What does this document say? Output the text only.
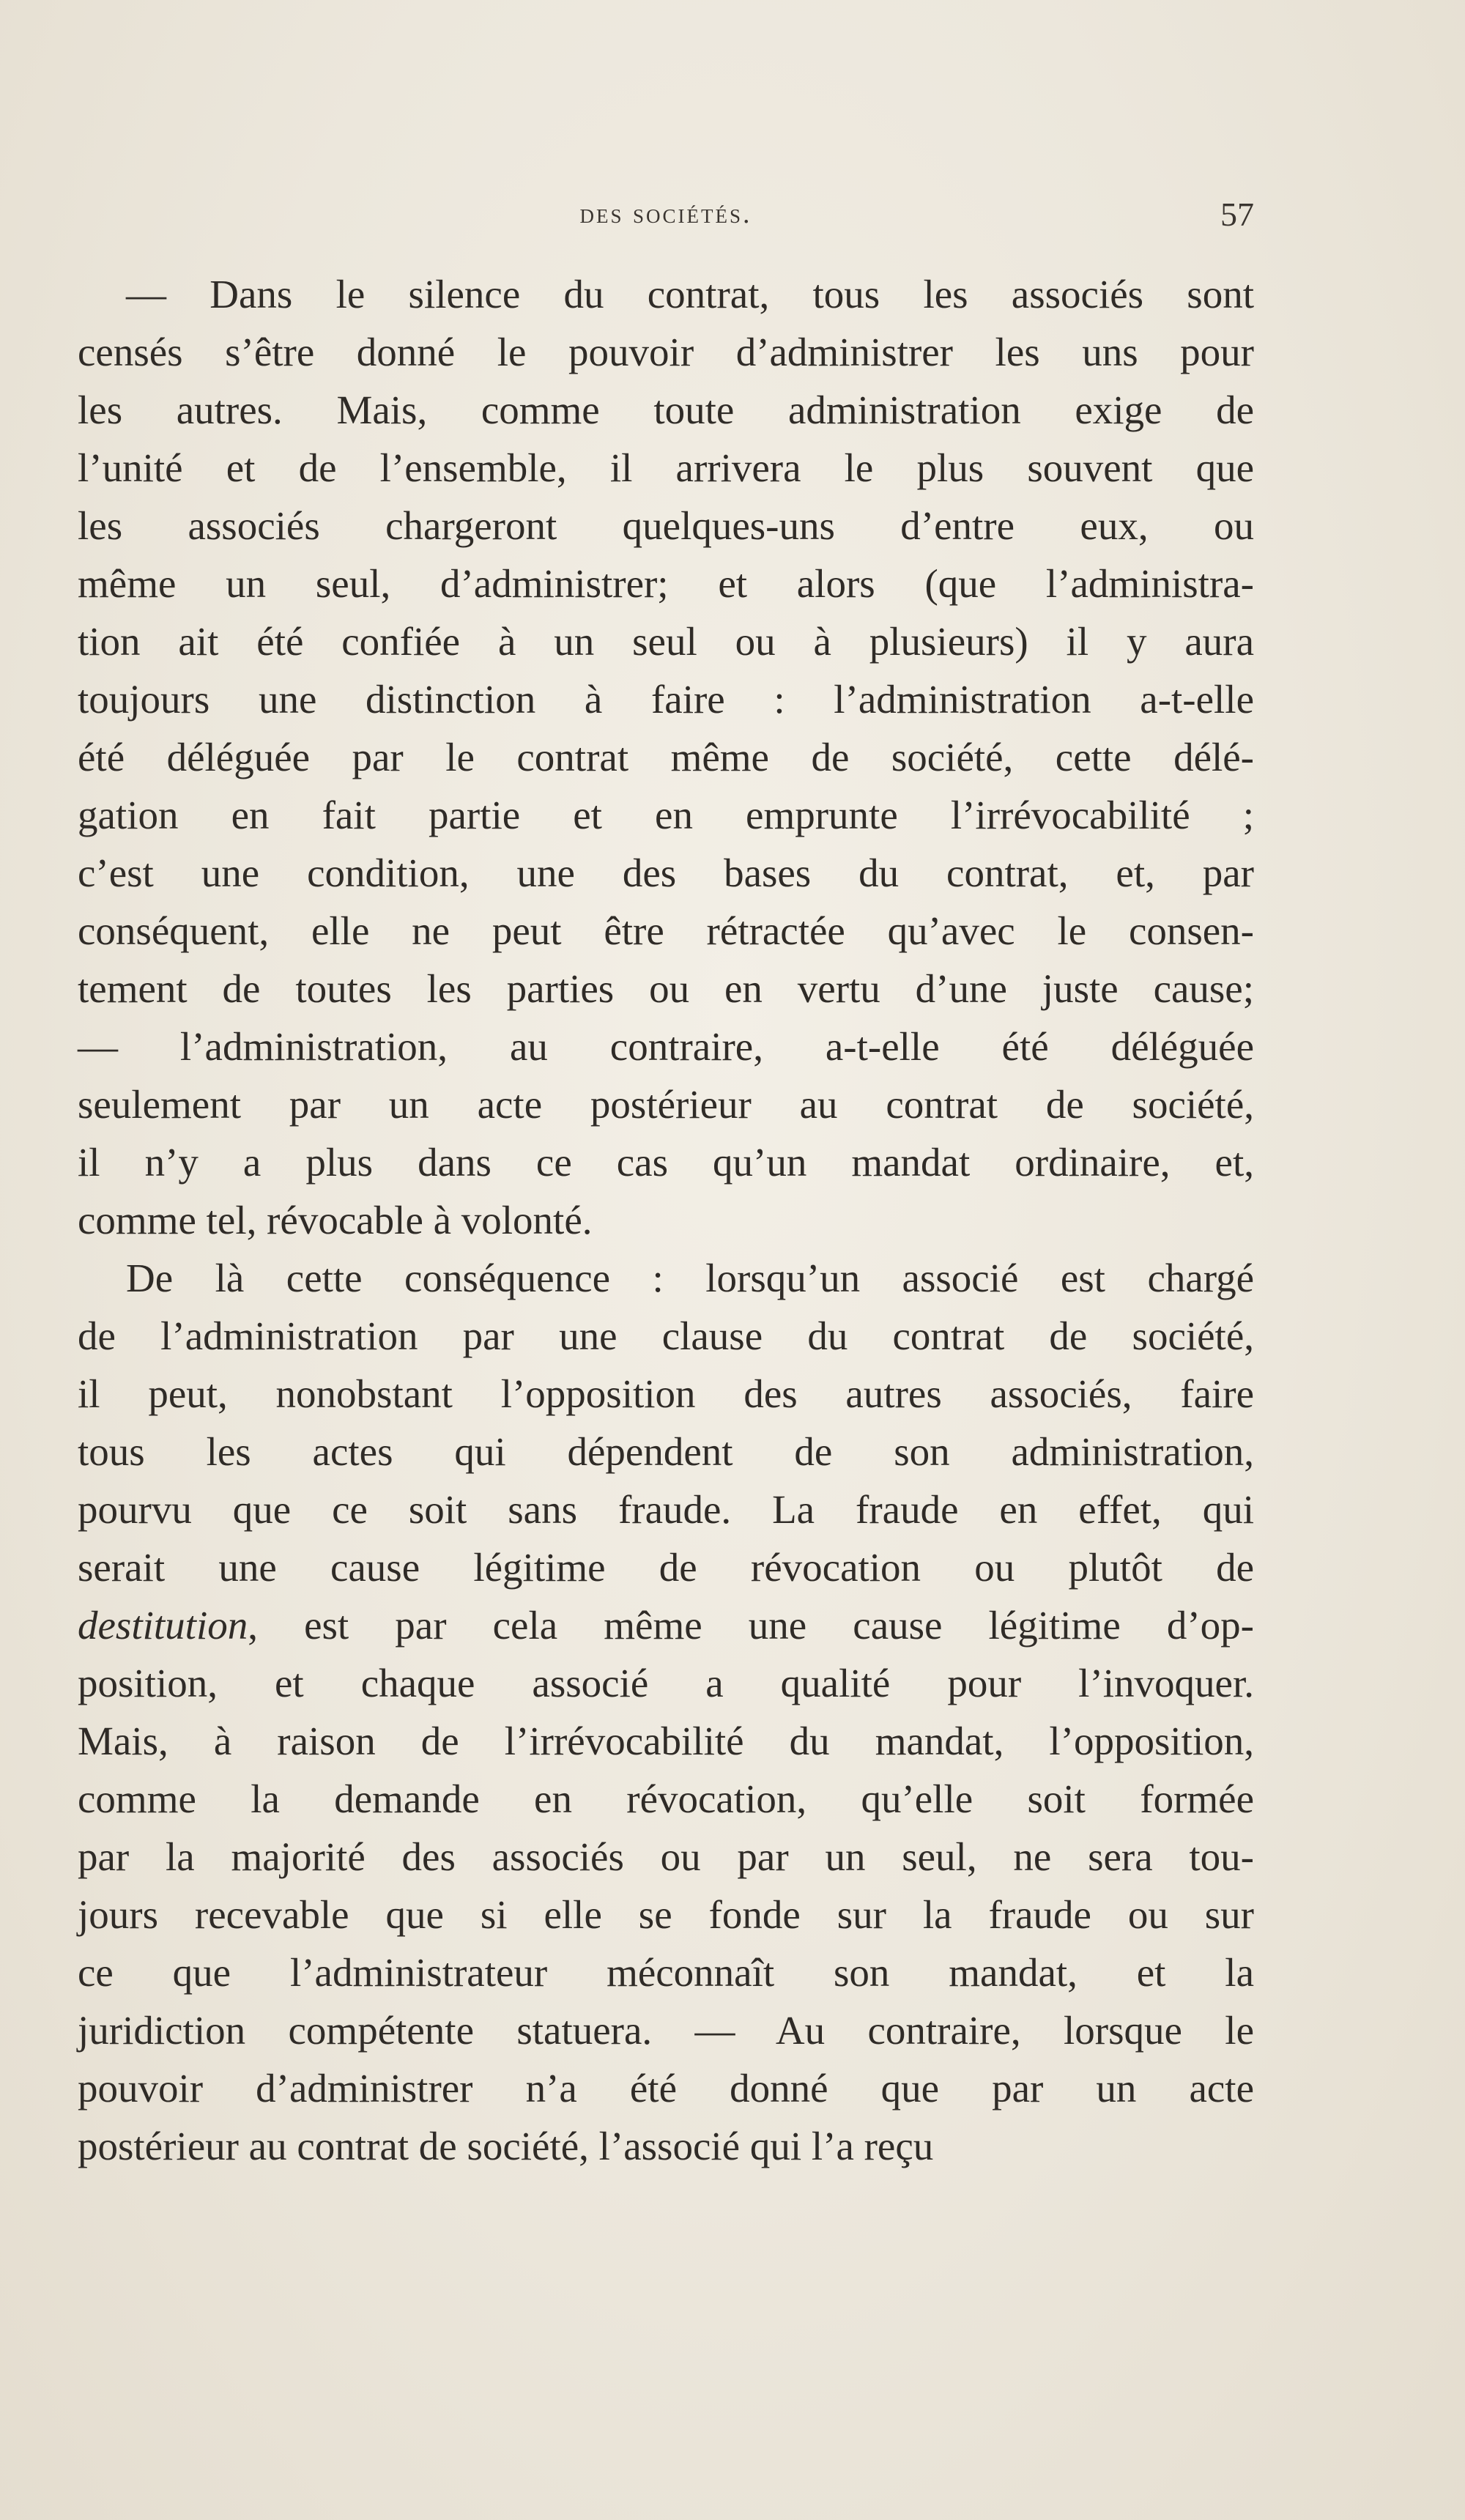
des sociétés.	57
— Dans le silence du contrat, tous les associés sont
censés s’être donné le pouvoir d’administrer les uns pour
les autres. Mais, comme toute administration exige de
l’unité et de l’ensemble, il arrivera le plus souvent que
les associés chargeront quelques-uns d’entre eux, ou
même un seul, d’administrer; et alors (que l’administra-
tion ait été confiée à un seul ou à plusieurs) il y aura
toujours une distinction à faire : l’administration a-t-elle
été déléguée par le contrat même de société, cette délé-
gation en fait partie et en emprunte l’irrévocabilité ;
c’est une condition, une des bases du contrat, et, par
conséquent, elle ne peut être rétractée qu’avec le consen-
tement de toutes les parties ou en vertu d’une juste cause;
— l’administration, au contraire, a-t-elle été déléguée
seulement par un acte postérieur au contrat de société,
il n’y a plus dans ce cas qu’un mandat ordinaire, et,
comme tel, révocable à volonté.
De là cette conséquence : lorsqu’un associé est chargé
de l’administration par une clause du contrat de société,
il peut, nonobstant l’opposition des autres associés, faire
tous les actes qui dépendent de son administration,
pourvu que ce soit sans fraude. La fraude en effet, qui
serait une cause légitime de révocation ou plutôt de
destitution, est par cela même une cause légitime d’op-
position, et chaque associé a qualité pour l’invoquer.
Mais, à raison de l’irrévocabilité du mandat, l’opposition,
comme la demande en révocation, qu’elle soit formée
par la majorité des associés ou par un seul, ne sera tou-
jours recevable que si elle se fonde sur la fraude ou sur
ce que l’administrateur méconnaît son mandat, et la
juridiction compétente statuera. — Au contraire, lorsque le
pouvoir d’administrer n’a été donné que par un acte
postérieur au contrat de société, l’associé qui l’a reçu
